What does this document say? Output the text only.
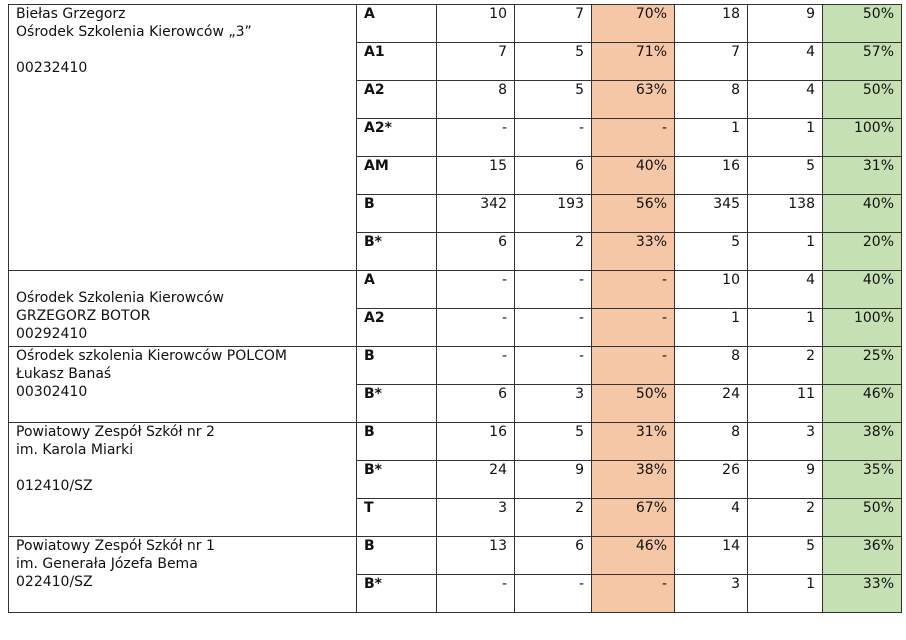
Biełas Grzegorz
Ośrodek Szkolenia Kierowców „3”
00232410	A	10	7	70%	18	9	50%
	A1	7	5	71%	7	4	57%
	A2	8	5	63%	8	4	50%
	A2*	-	-	-	1	1	100%
	AM	15	6	40%	16	5	31%
	B	342	193	56%	345	138	40%
	B*	6	2	33%	5	1	20%

Ośrodek Szkolenia Kierowców
GRZEGORZ BOTOR
00292410	A	-	-	-	10	4	40%
	A2	-	-	-	1	1	100%

Ośrodek szkolenia Kierowców POLCOM
Łukasz Banaś
00302410	B	-	-	-	8	2	25%
	B*	6	3	50%	24	11	46%

Powiatowy Zespół Szkół nr 2
im. Karola Miarki
012410/SZ	B	16	5	31%	8	3	38%
	B*	24	9	38%	26	9	35%
	T	3	2	67%	4	2	50%

Powiatowy Zespół Szkół nr 1
im. Generała Józefa Bema
022410/SZ	B	13	6	46%	14	5	36%
	B*	-	-	-	3	1	33%
